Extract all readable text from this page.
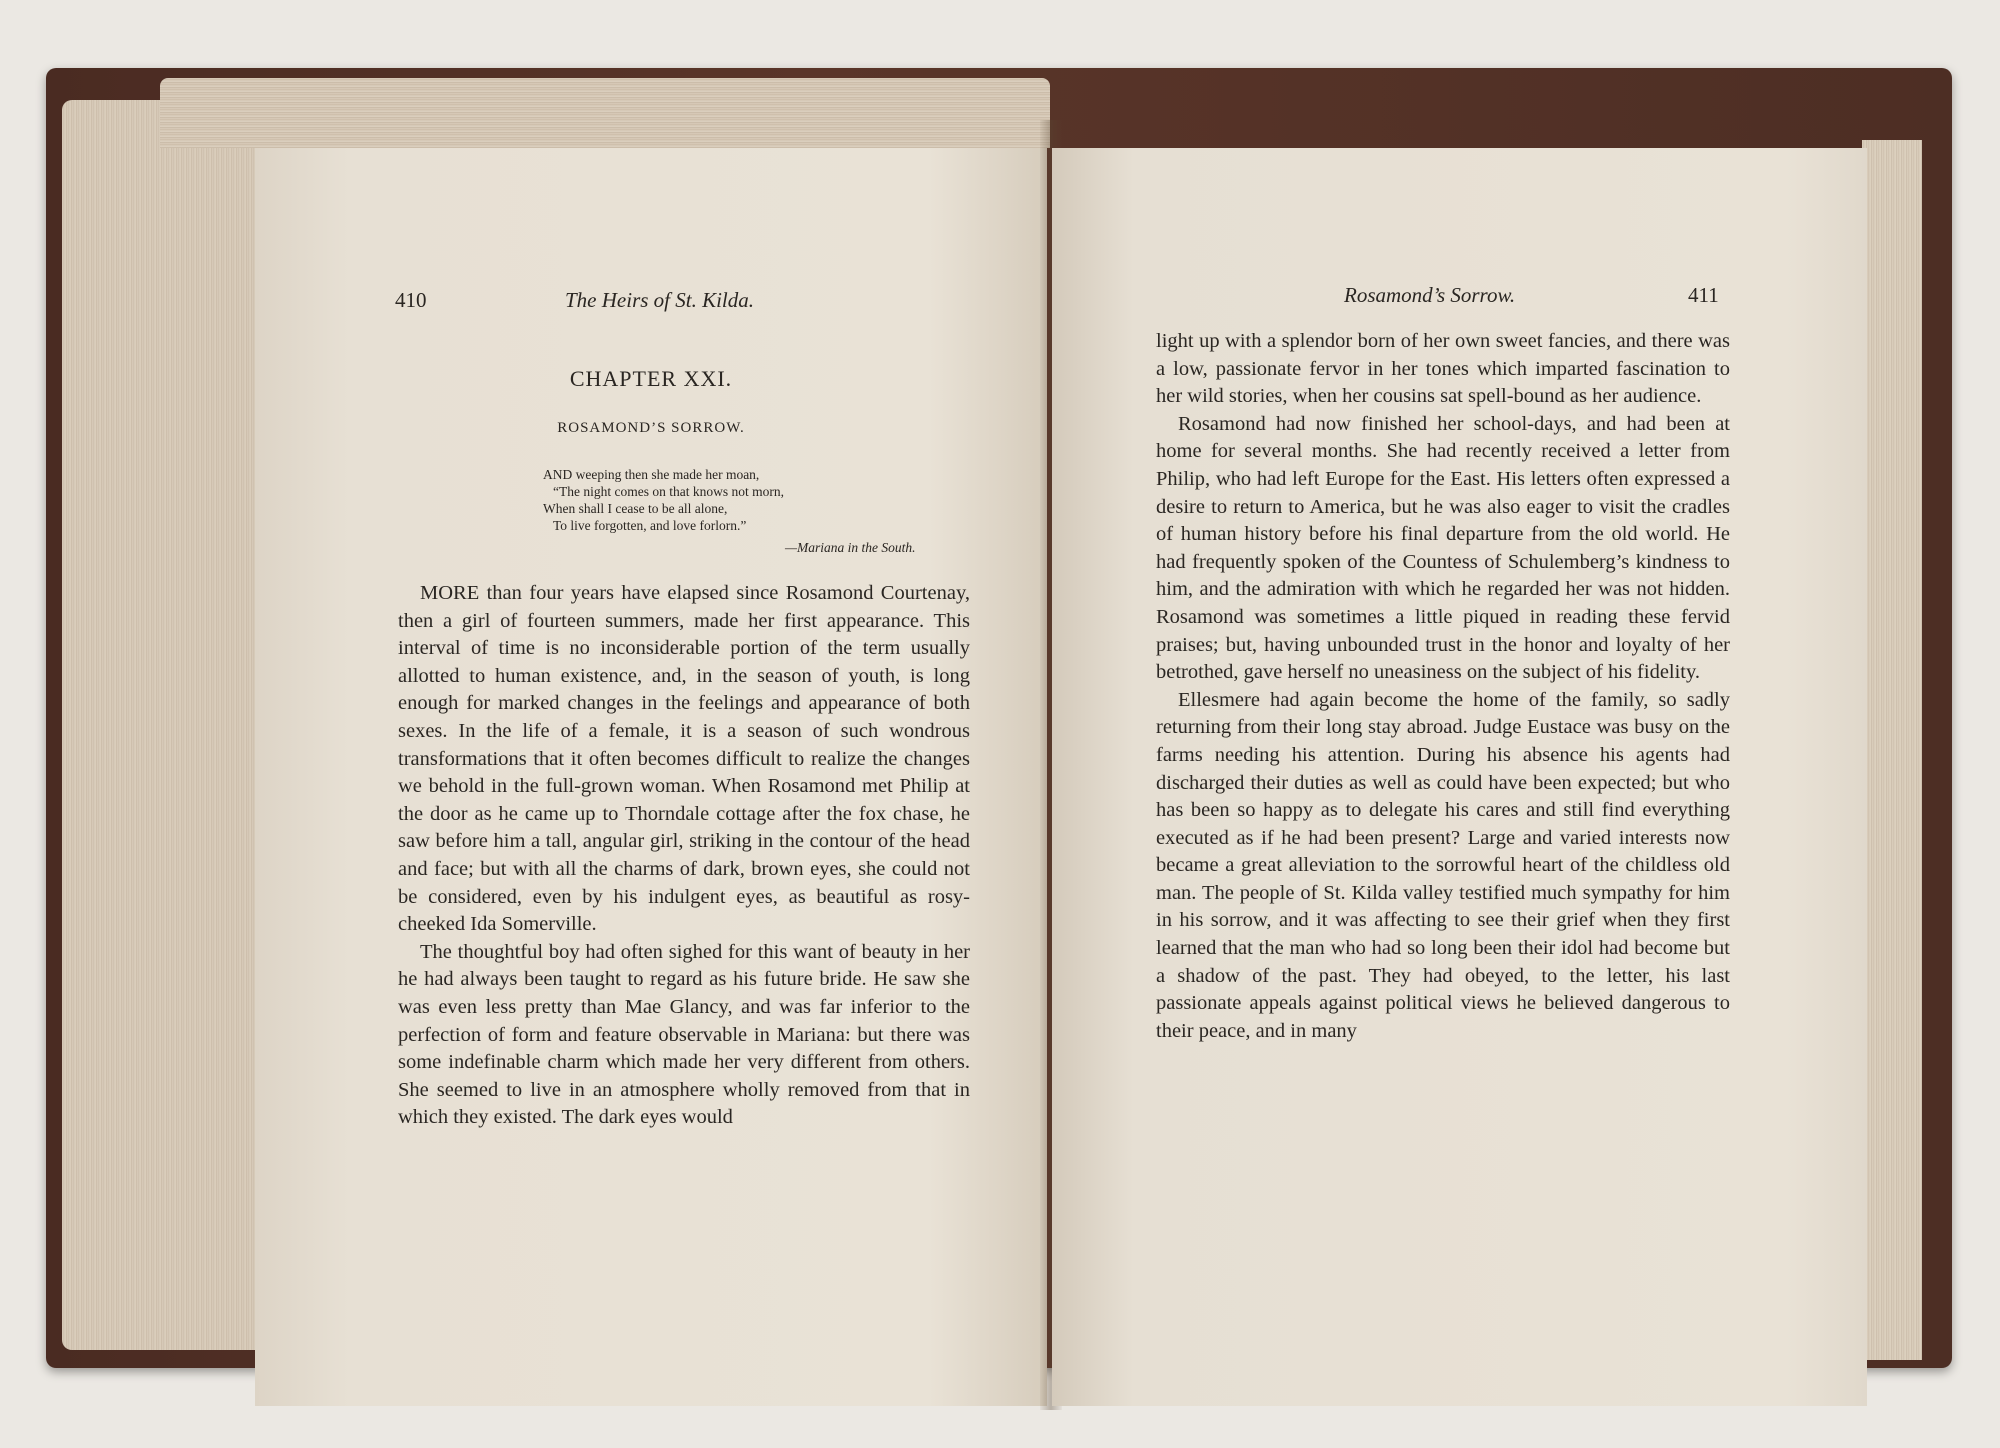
410	The Heirs of St. Kilda.
CHAPTER XXI.
ROSAMOND’S SORROW.
AND weeping then she made her moan,
“The night comes on that knows not morn,
When shall I cease to be all alone,
To live forgotten, and love forlorn.”
—Mariana in the South.

MORE than four years have elapsed since Rosamond Courtenay, then a girl of fourteen summers, made her first appearance. This interval of time is no inconsiderable portion of the term usually allotted to human existence, and, in the season of youth, is long enough for marked changes in the feelings and appearance of both sexes. In the life of a female, it is a season of such wondrous transformations that it often becomes difficult to realize the changes we behold in the full-grown woman. When Rosamond met Philip at the door as he came up to Thorndale cottage after the fox chase, he saw before him a tall, angular girl, striking in the contour of the head and face; but with all the charms of dark, brown eyes, she could not be considered, even by his indulgent eyes, as beautiful as rosy-cheeked Ida Somerville.

The thoughtful boy had often sighed for this want of beauty in her he had always been taught to regard as his future bride. He saw she was even less pretty than Mae Glancy, and was far inferior to the perfection of form and feature observable in Mariana: but there was some indefinable charm which made her very different from others. She seemed to live in an atmosphere wholly removed from that in which they existed. The dark eyes would

Rosamond’s Sorrow.	411

light up with a splendor born of her own sweet fancies, and there was a low, passionate fervor in her tones which imparted fascination to her wild stories, when her cousins sat spell-bound as her audience.

Rosamond had now finished her school-days, and had been at home for several months. She had recently received a letter from Philip, who had left Europe for the East. His letters often expressed a desire to return to America, but he was also eager to visit the cradles of human history before his final departure from the old world. He had frequently spoken of the Countess of Schulemberg’s kindness to him, and the admiration with which he regarded her was not hidden. Rosamond was sometimes a little piqued in reading these fervid praises; but, having unbounded trust in the honor and loyalty of her betrothed, gave herself no uneasiness on the subject of his fidelity.

Ellesmere had again become the home of the family, so sadly returning from their long stay abroad. Judge Eustace was busy on the farms needing his attention. During his absence his agents had discharged their duties as well as could have been expected; but who has been so happy as to delegate his cares and still find everything executed as if he had been present? Large and varied interests now became a great alleviation to the sorrowful heart of the childless old man. The people of St. Kilda valley testified much sympathy for him in his sorrow, and it was affecting to see their grief when they first learned that the man who had so long been their idol had become but a shadow of the past. They had obeyed, to the letter, his last passionate appeals against political views he believed dangerous to their peace, and in many
